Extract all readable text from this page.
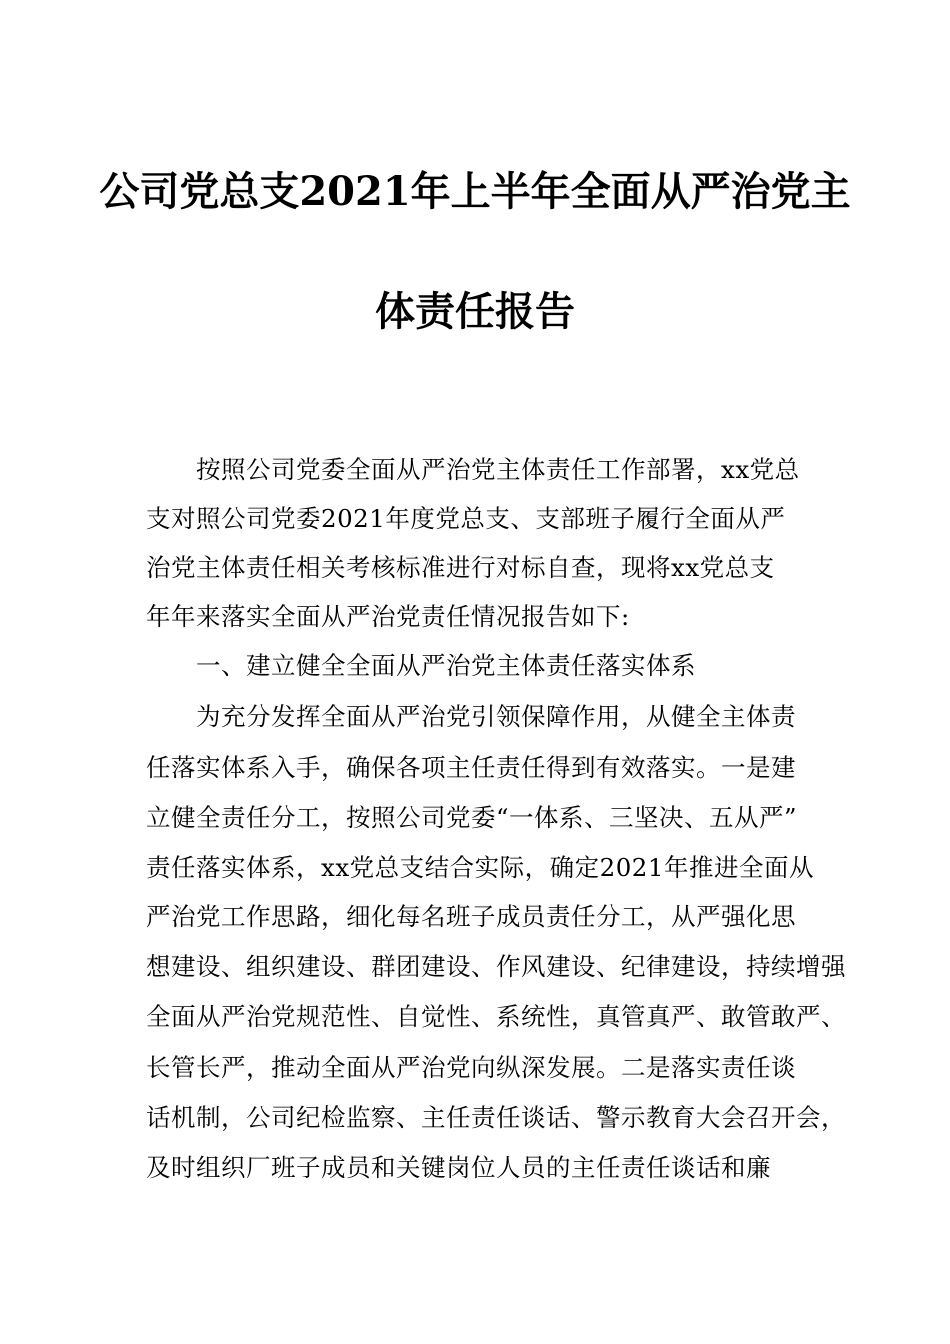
公司党总支2021年上半年全面从严治党主
体责任报告
按照公司党委全面从严治党主体责任工作部署，xx党总
支对照公司党委2021年度党总支、支部班子履行全面从严
治党主体责任相关考核标准进行对标自查，现将xx党总支
年年来落实全面从严治党责任情况报告如下:
一、建立健全全面从严治党主体责任落实体系
为充分发挥全面从严治党引领保障作用，从健全主体责
任落实体系入手，确保各项主任责任得到有效落实。一是建
立健全责任分工，按照公司党委“一体系、三坚决、五从严”
责任落实体系，xx党总支结合实际，确定2021年推进全面从
严治党工作思路，细化每名班子成员责任分工，从严强化思
想建设、组织建设、群团建设、作风建设、纪律建设，持续增强
全面从严治党规范性、自觉性、系统性，真管真严、敢管敢严、
长管长严，推动全面从严治党向纵深发展。二是落实责任谈
话机制，公司纪检监察、主任责任谈话、警示教育大会召开会，
及时组织厂班子成员和关键岗位人员的主任责任谈话和廉
